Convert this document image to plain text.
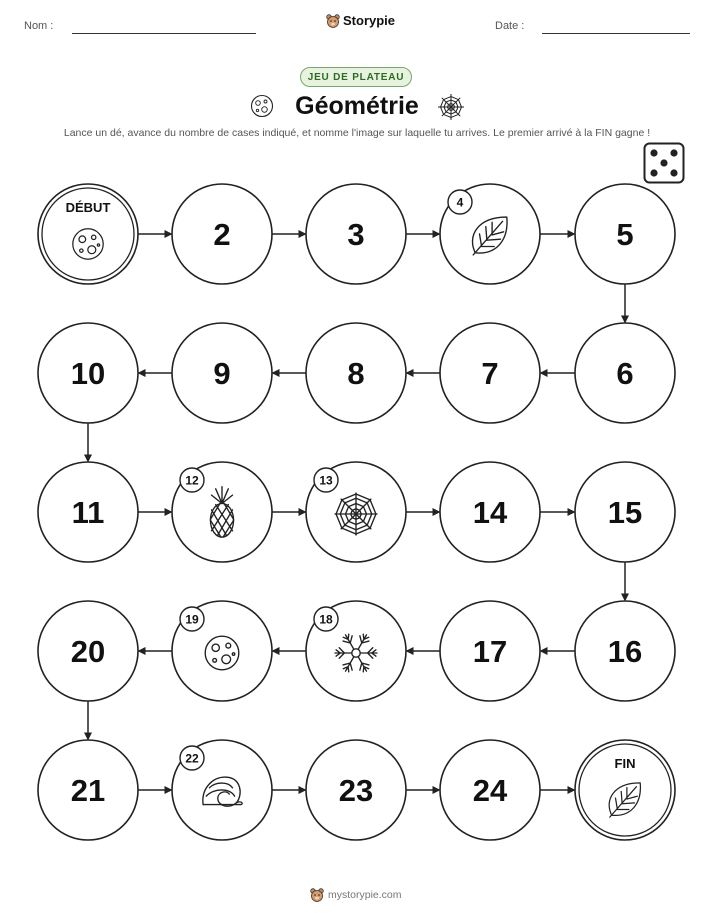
Nom :	Storypie	Date :
JEU DE PLATEAU
Géométrie
Lance un dé, avance du nombre de cases indiqué, et nomme l'image sur laquelle tu arrives. Le premier arrivé à la FIN gagne !
DÉBUT
2	3
4
5
6
7
8
9
10
11
12	13
14	15
16
17
18
19
20
21
22
23	24
FIN
mystorypie.com
